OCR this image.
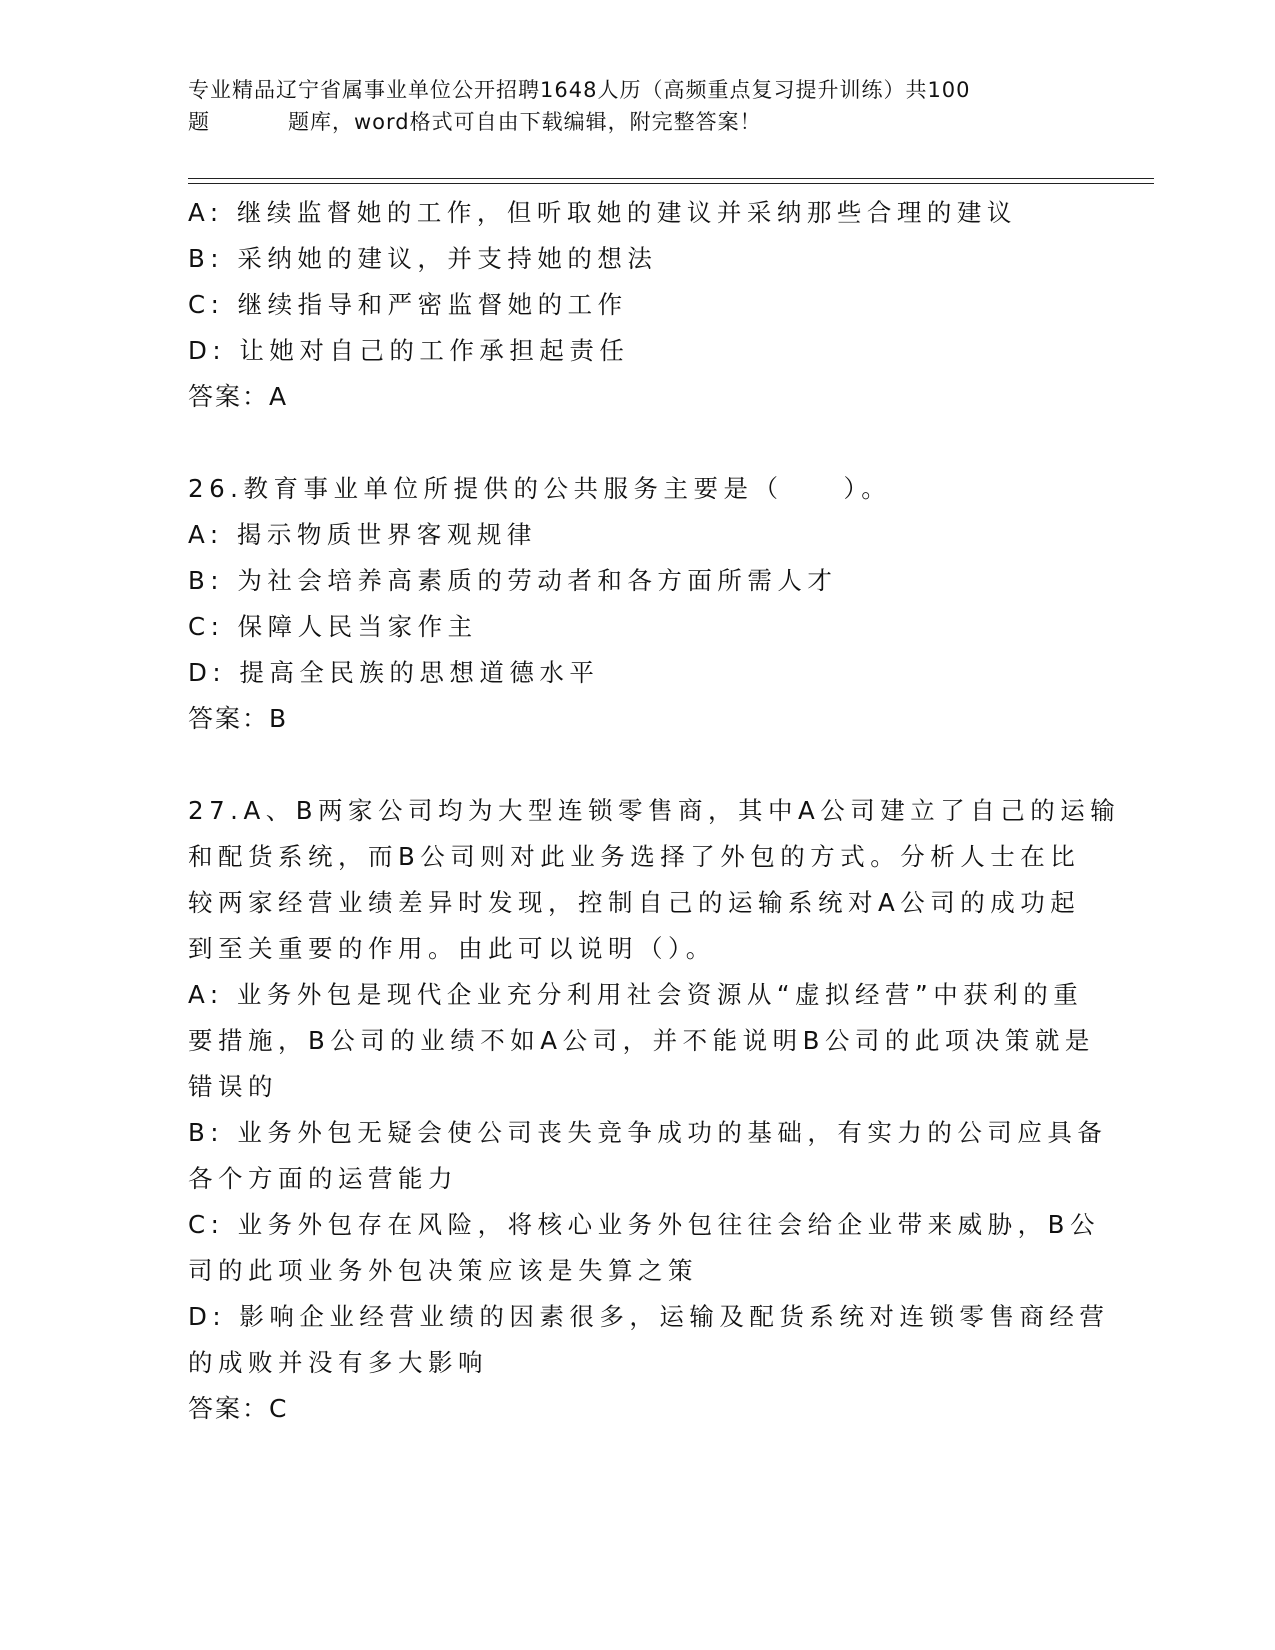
专业精品辽宁省属事业单位公开招聘1648人历（高频重点复习提升训练）共100
题	题库，word格式可自由下载编辑，附完整答案！
A: 继续监督她的工作，但听取她的建议并采纳那些合理的建议
B: 采纳她的建议，并支持她的想法
C: 继续指导和严密监督她的工作
D: 让她对自己的工作承担起责任
答案：A
26.教育事业单位所提供的公共服务主要是（　　）。
A: 揭示物质世界客观规律
B: 为社会培养高素质的劳动者和各方面所需人才
C: 保障人民当家作主
D: 提高全民族的思想道德水平
答案：B
27.A、B两家公司均为大型连锁零售商，其中A公司建立了自己的运输
和配货系统，而B公司则对此业务选择了外包的方式。分析人士在比
较两家经营业绩差异时发现，控制自己的运输系统对A公司的成功起
到至关重要的作用。由此可以说明（）。
A: 业务外包是现代企业充分利用社会资源从“虚拟经营”中获利的重
要措施，B公司的业绩不如A公司，并不能说明B公司的此项决策就是
错误的
B: 业务外包无疑会使公司丧失竞争成功的基础，有实力的公司应具备
各个方面的运营能力
C: 业务外包存在风险，将核心业务外包往往会给企业带来威胁，B公
司的此项业务外包决策应该是失算之策
D: 影响企业经营业绩的因素很多，运输及配货系统对连锁零售商经营
的成败并没有多大影响
答案：C
